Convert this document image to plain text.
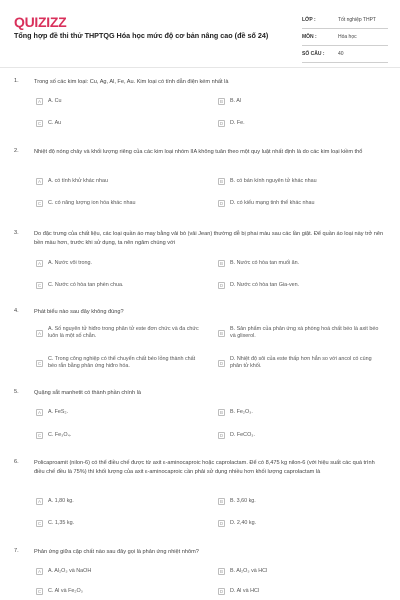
QUIZIZZ
Tổng hợp đề thi thử THPTQG Hóa học mức độ cơ bản nâng cao (đề số 24)
LỚP :	Tốt nghiệp THPT
MÔN :	Hóa học
SỐ CÂU :	40
1.	Trong số các kim loại: Cu, Ag, Al, Fe, Au. Kim loại có tính dẫn điện kém nhất là
A	A. Cu	B	B. Al
C	C. Au	D	D. Fe.
2.	Nhiệt độ nóng chảy và khối lượng riêng của các kim loại nhóm IIA không tuân theo một quy luật nhất định là do các kim loại kiềm thổ
A	A. có tính khử khác nhau	B	B. có bán kính nguyên tử khác nhau
C	C. có năng lượng ion hóa khác nhau	D	D. có kiểu mạng tinh thể khác nhau
3.	Do đặc trưng của chất liệu, các loại quần áo may bằng vải bò (vải Jean) thường dễ bị phai màu sau các lần giặt. Để quần áo loại này trở nên bền màu hơn, trước khi sử dụng, ta nên ngâm chúng với
A	A. Nước vôi trong.	B	B. Nước có hòa tan muối ăn.
C	C. Nước có hòa tan phèn chua.	D	D. Nước có hòa tan Gia-ven.
4.	Phát biểu nào sau đây không đúng?
A
A. Số nguyên tử hiđro trong phân tử este đơn chức và đa chức luôn là một số chẵn.
B
B. Sản phẩm của phản ứng xà phòng hoá chất béo là axit béo và glixerol.
C
C. Trong công nghiệp có thể chuyển chất béo lỏng thành chất béo rắn bằng phản ứng hiđro hóa.
D
D. Nhiệt độ sôi của este thấp hơn hẳn so với ancol có cùng phân tử khối.
5.	Quặng sắt manhetit có thành phần chính là
A	A. FeS₂.	B	B. Fe₂O₃.
C	C. Fe₃O₄.	D	D. FeCO₃.
6.	Policaproamit (nilon-6) có thể điều chế được từ axit ε-aminocaproic hoặc caprolactam. Để có 8,475 kg nilon-6 (với hiệu suất các quá trình điều chế đều là 75%) thì khối lượng của axit ε-aminocaproic cần phải sử dụng nhiều hơn khối lượng caprolactam là
A	A. 1,80 kg.	B	B. 3,60 kg.
C	C. 1,35 kg.	D	D. 2,40 kg.
7.	Phản ứng giữa cặp chất nào sau đây gọi là phản ứng nhiệt nhôm?
A	A. Al₂O₃ và NaOH	B	B. Al₂O₃ và HCl
C	C. Al và Fe₂O₃	D	D. Al và HCl
